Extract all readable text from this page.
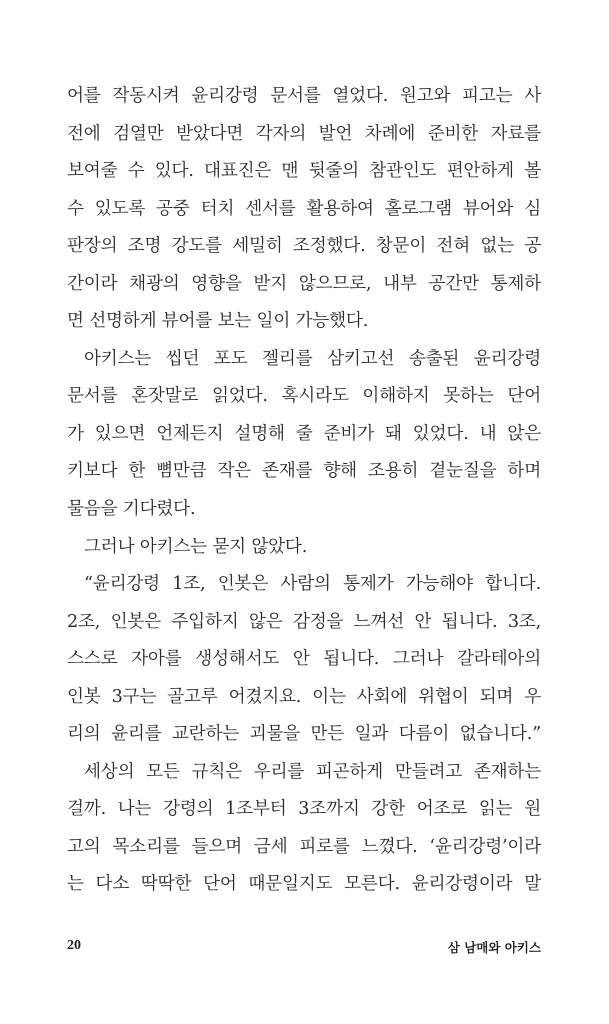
어를 작동시켜 윤리강령 문서를 열었다. 원고와 피고는 사
전에 검열만 받았다면 각자의 발언 차례에 준비한 자료를
보여줄 수 있다. 대표진은 맨 뒷줄의 참관인도 편안하게 볼
수 있도록 공중 터치 센서를 활용하여 홀로그램 뷰어와 심
판장의 조명 강도를 세밀히 조정했다. 창문이 전혀 없는 공
간이라 채광의 영향을 받지 않으므로, 내부 공간만 통제하
면 선명하게 뷰어를 보는 일이 가능했다.
아키스는 씹던 포도 젤리를 삼키고선 송출된 윤리강령
문서를 혼잣말로 읽었다. 혹시라도 이해하지 못하는 단어
가 있으면 언제든지 설명해 줄 준비가 돼 있었다. 내 앉은
키보다 한 뼘만큼 작은 존재를 향해 조용히 곁눈질을 하며
물음을 기다렸다.
그러나 아키스는 묻지 않았다.
“윤리강령 1조, 인봇은 사람의 통제가 가능해야 합니다.
2조, 인봇은 주입하지 않은 감정을 느껴선 안 됩니다. 3조,
스스로 자아를 생성해서도 안 됩니다. 그러나 갈라테아의
인봇 3구는 골고루 어겼지요. 이는 사회에 위협이 되며 우
리의 윤리를 교란하는 괴물을 만든 일과 다름이 없습니다.”
세상의 모든 규칙은 우리를 피곤하게 만들려고 존재하는
걸까. 나는 강령의 1조부터 3조까지 강한 어조로 읽는 원
고의 목소리를 들으며 금세 피로를 느꼈다. ‘윤리강령’이라
는 다소 딱딱한 단어 때문일지도 모른다. 윤리강령이라 말
20	삼 남매와 아키스
